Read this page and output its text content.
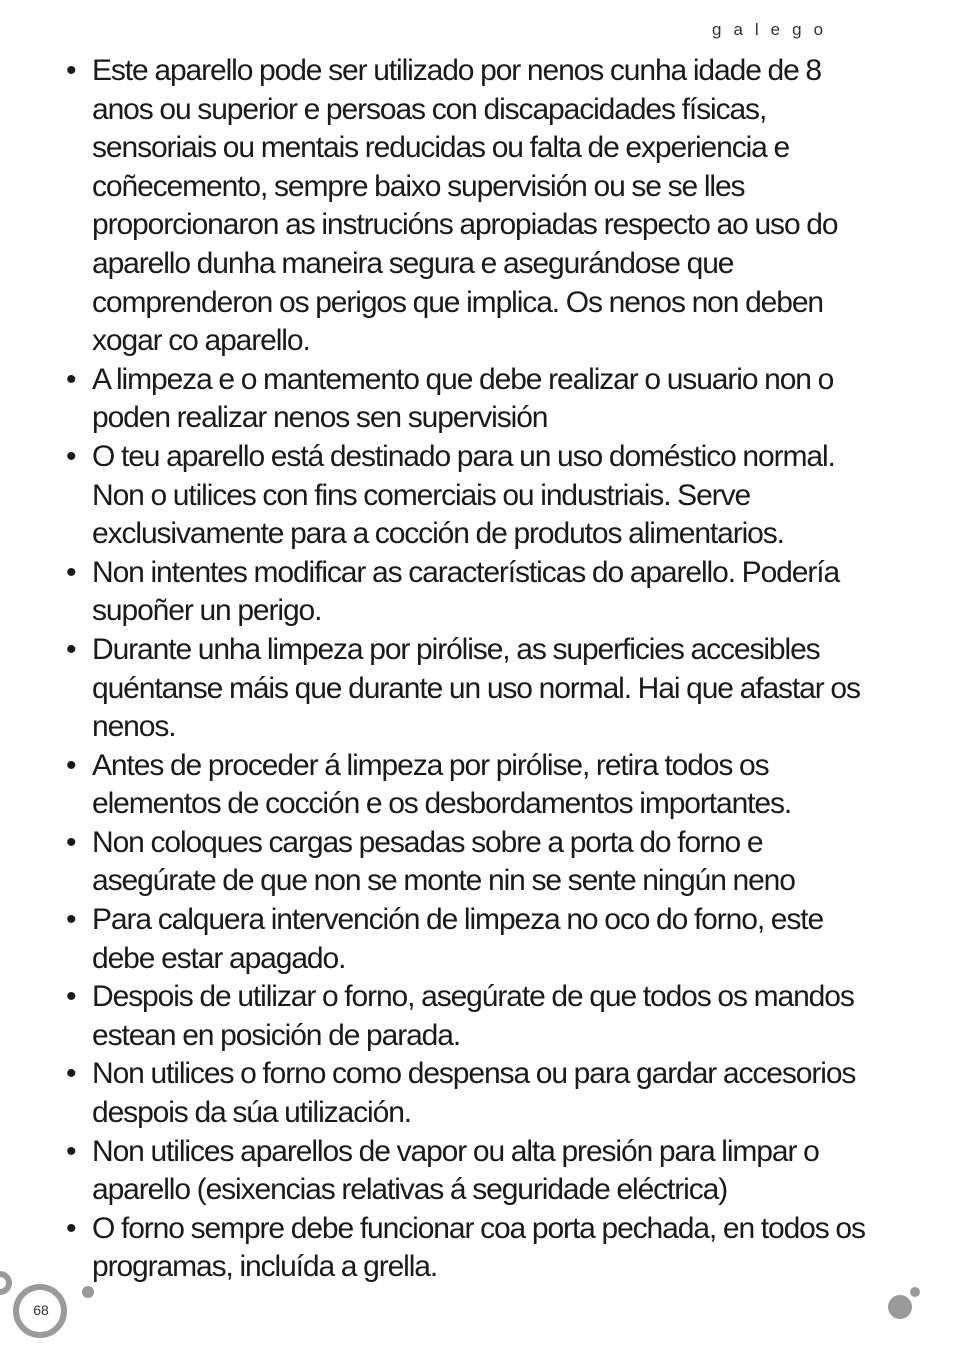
galego
• Este aparello pode ser utilizado por nenos cunha idade de 8 anos ou superior e persoas con discapacidades físicas, sensoriais ou mentais reducidas ou falta de experiencia e coñecemento, sempre baixo supervisión ou se se lles proporcionaron as instrucións apropiadas respecto ao uso do aparello dunha maneira segura e asegurándose que comprenderon os perigos que implica. Os nenos non deben xogar co aparello.
• A limpeza e o mantemento que debe realizar o usuario non o poden realizar nenos sen supervisión
• O teu aparello está destinado para un uso doméstico normal. Non o utilices con fins comerciais ou industriais. Serve exclusivamente para a cocción de produtos alimentarios.
• Non intentes modificar as características do aparello. Podería supoñer un perigo.
• Durante unha limpeza por pirólise, as superficies accesibles quéntanse máis que durante un uso normal. Hai que afastar os nenos.
• Antes de proceder á limpeza por pirólise, retira todos os elementos de cocción e os desbordamentos importantes.
• Non coloques cargas pesadas sobre a porta do forno e asegúrate de que non se monte nin se sente ningún neno
• Para calquera intervención de limpeza no oco do forno, este debe estar apagado.
• Despois de utilizar o forno, asegúrate de que todos os mandos estean en posición de parada.
• Non utilices o forno como despensa ou para gardar accesorios despois da súa utilización.
• Non utilices aparellos de vapor ou alta presión para limpar o aparello (esixencias relativas á seguridade eléctrica)
• O forno sempre debe funcionar coa porta pechada, en todos os programas, incluída a grella.
68
